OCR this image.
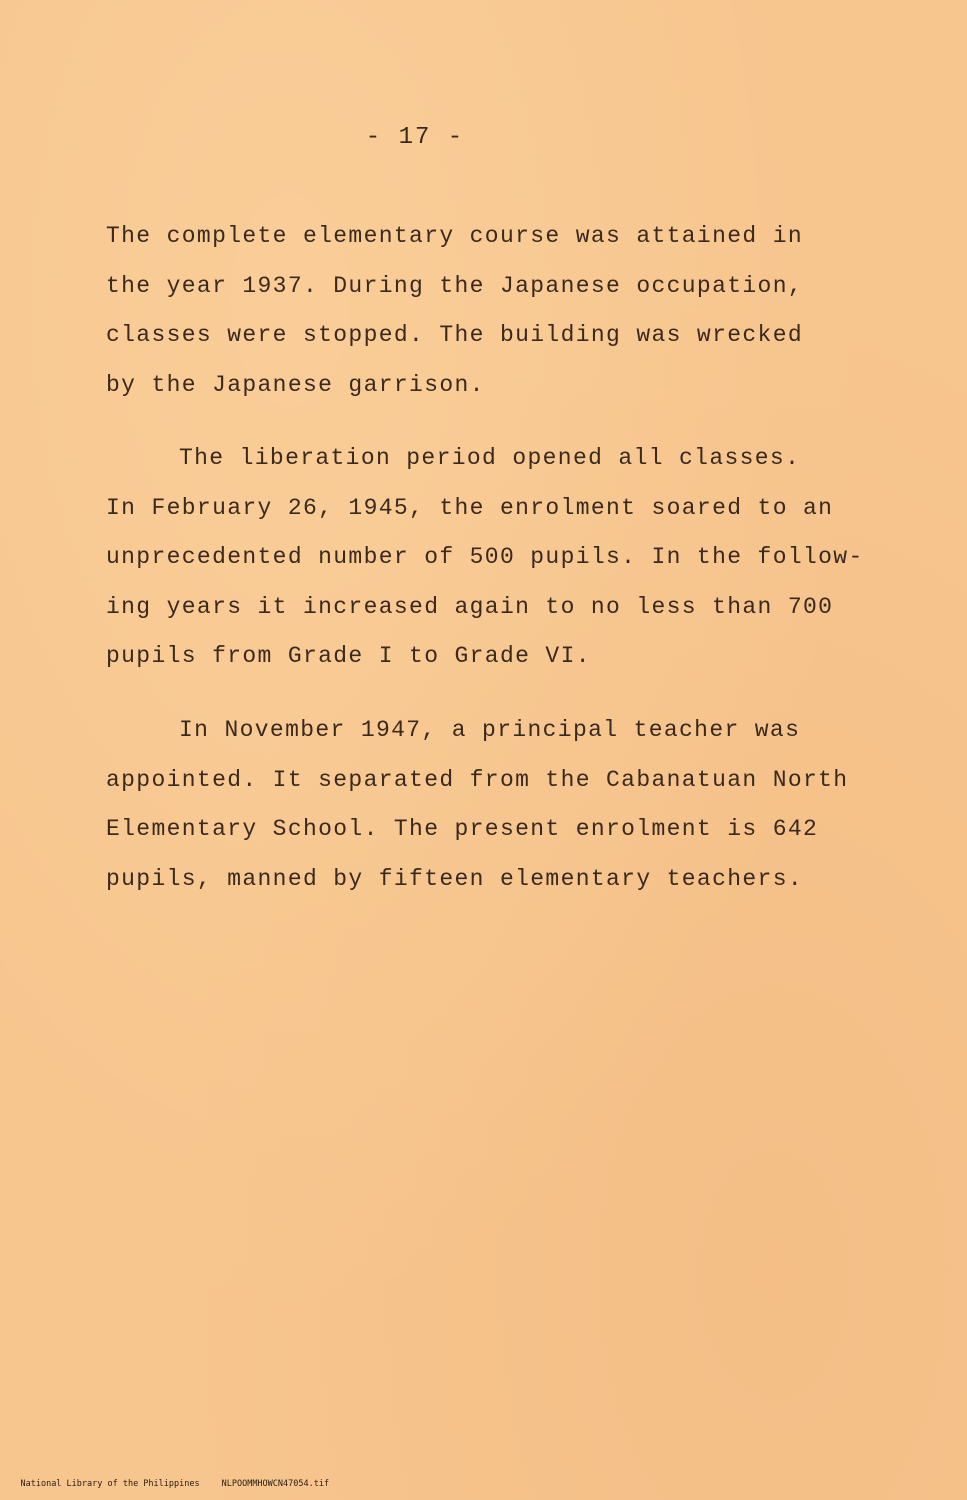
- 17 -
The complete elementary course was attained in
the year 1937. During the Japanese occupation,
classes were stopped. The building was wrecked
by the Japanese garrison.
The liberation period opened all classes.
In February 26, 1945, the enrolment soared to an
unprecedented number of 500 pupils. In the follow-
ing years it increased again to no less than 700
pupils from Grade I to Grade VI.
In November 1947, a principal teacher was
appointed. It separated from the Cabanatuan North
Elementary School. The present enrolment is 642
pupils, manned by fifteen elementary teachers.

National Library of the Philippines	NLPOOMMHOWCN47054.tif
